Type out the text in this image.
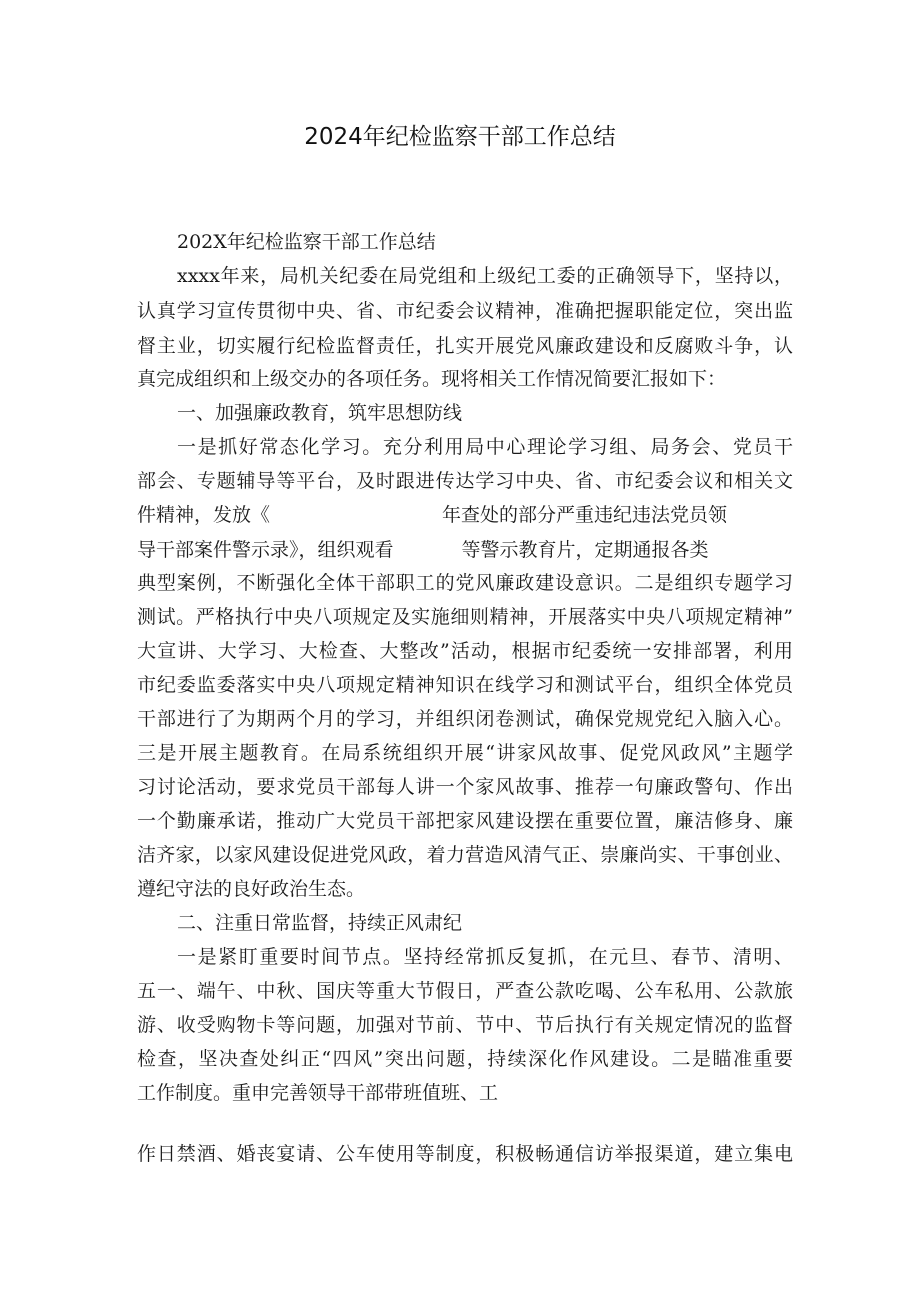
2024年纪检监察干部工作总结
202X年纪检监察干部工作总结
xxxx年来，局机关纪委在局党组和上级纪工委的正确领导下，坚持以，
认真学习宣传贯彻中央、省、市纪委会议精神，准确把握职能定位，突出监
督主业，切实履行纪检监督责任，扎实开展党风廉政建设和反腐败斗争，认
真完成组织和上级交办的各项任务。现将相关工作情况简要汇报如下：
一、加强廉政教育，筑牢思想防线
一是抓好常态化学习。充分利用局中心理论学习组、局务会、党员干
部会、专题辅导等平台，及时跟进传达学习中央、省、市纪委会议和相关文
件精神，发放《	年查处的部分严重违纪违法党员领
导干部案件警示录》，组织观看	等警示教育片，定期通报各类
典型案例，不断强化全体干部职工的党风廉政建设意识。二是组织专题学习
测试。严格执行中央八项规定及实施细则精神，开展落实中央八项规定精神”
大宣讲、大学习、大检查、大整改”活动，根据市纪委统一安排部署，利用
市纪委监委落实中央八项规定精神知识在线学习和测试平台，组织全体党员
干部进行了为期两个月的学习，并组织闭卷测试，确保党规党纪入脑入心。
三是开展主题教育。在局系统组织开展“讲家风故事、促党风政风”主题学
习讨论活动，要求党员干部每人讲一个家风故事、推荐一句廉政警句、作出
一个勤廉承诺，推动广大党员干部把家风建设摆在重要位置，廉洁修身、廉
洁齐家，以家风建设促进党风政，着力营造风清气正、崇廉尚实、干事创业、
遵纪守法的良好政治生态。
二、注重日常监督，持续正风肃纪
一是紧盯重要时间节点。坚持经常抓反复抓，在元旦、春节、清明、
五一、端午、中秋、国庆等重大节假日，严查公款吃喝、公车私用、公款旅
游、收受购物卡等问题，加强对节前、节中、节后执行有关规定情况的监督
检查，坚决查处纠正“四风”突出问题，持续深化作风建设。二是瞄准重要
工作制度。重申完善领导干部带班值班、工
作日禁酒、婚丧宴请、公车使用等制度，积极畅通信访举报渠道，建立集电
